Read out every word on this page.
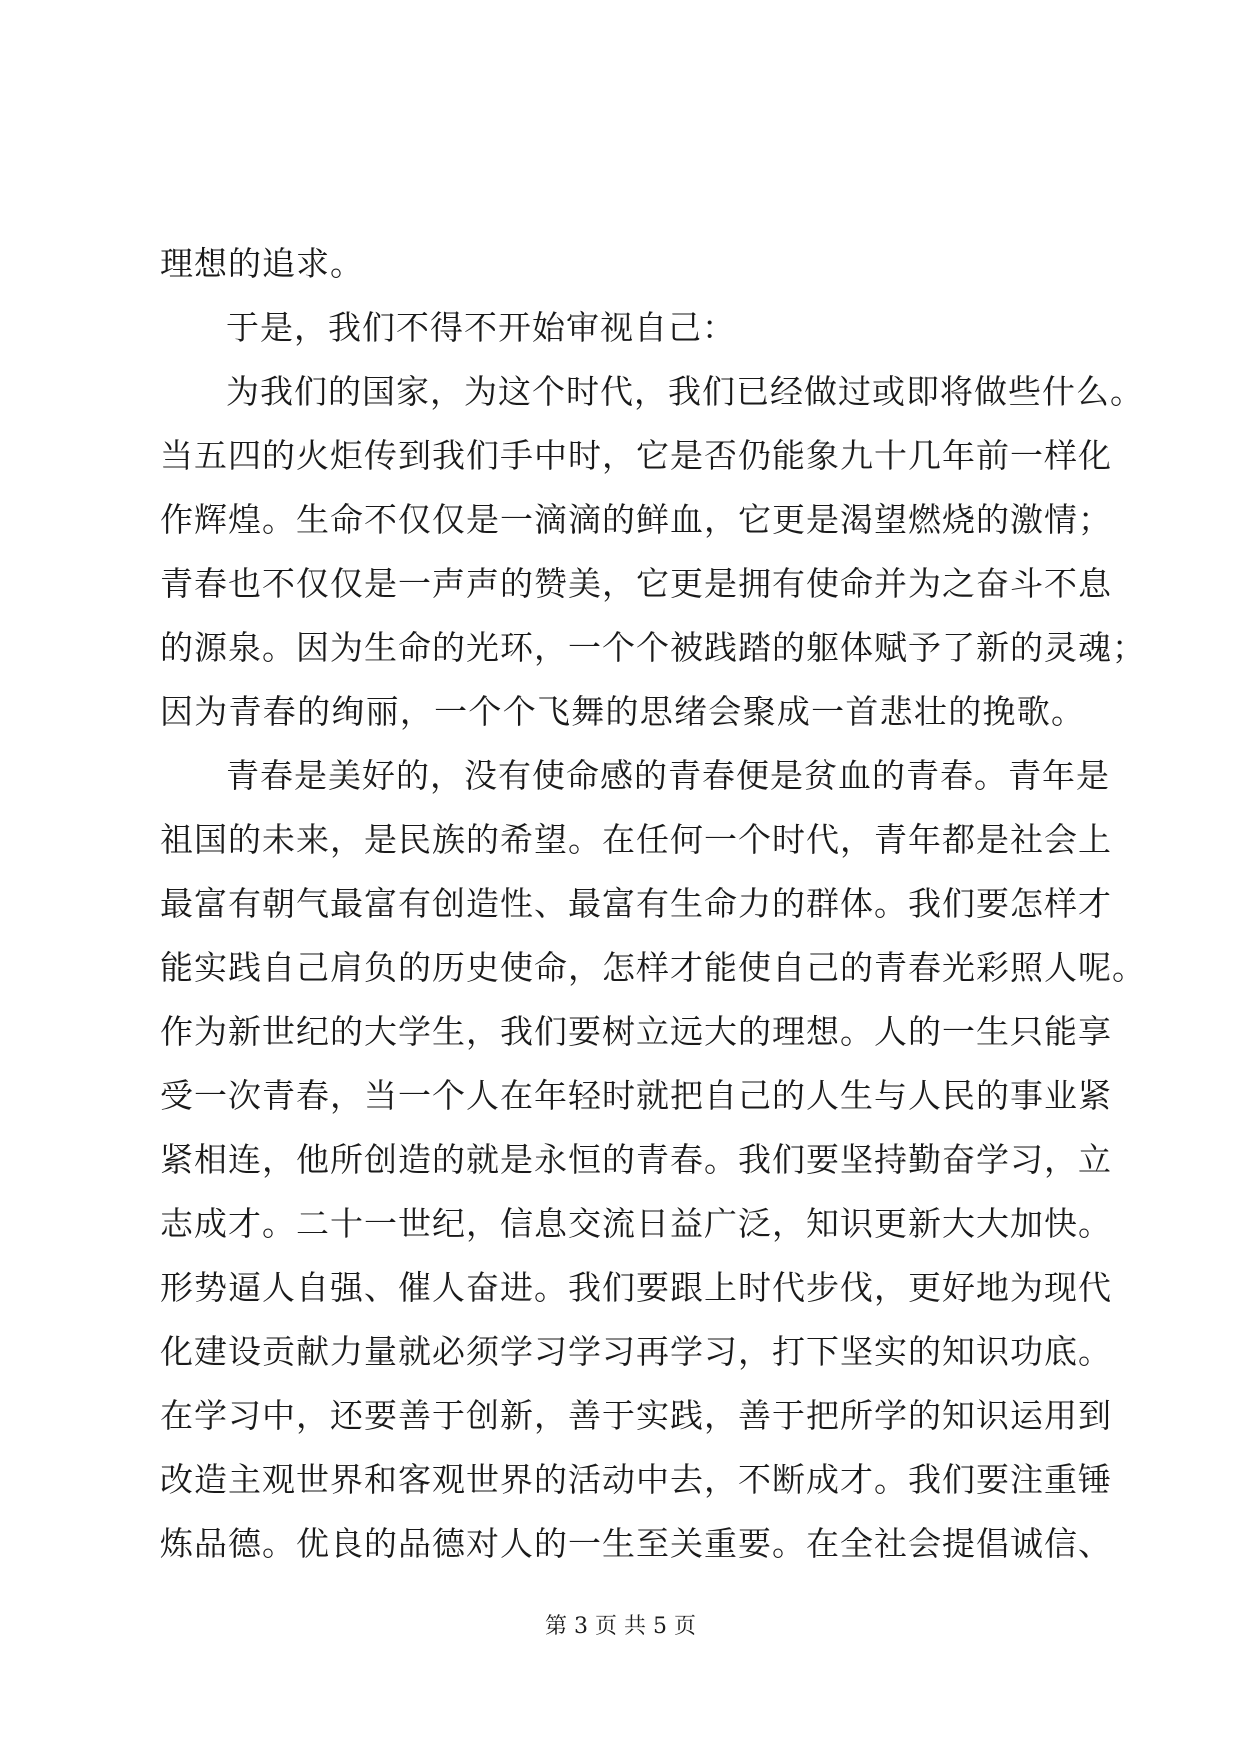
理想的追求。
于是，我们不得不开始审视自己：
为我们的国家，为这个时代，我们已经做过或即将做些什么。
当五四的火炬传到我们手中时，它是否仍能象九十几年前一样化
作辉煌。生命不仅仅是一滴滴的鲜血，它更是渴望燃烧的激情；
青春也不仅仅是一声声的赞美，它更是拥有使命并为之奋斗不息
的源泉。因为生命的光环，一个个被践踏的躯体赋予了新的灵魂；
因为青春的绚丽，一个个飞舞的思绪会聚成一首悲壮的挽歌。
青春是美好的，没有使命感的青春便是贫血的青春。青年是
祖国的未来，是民族的希望。在任何一个时代，青年都是社会上
最富有朝气最富有创造性、最富有生命力的群体。我们要怎样才
能实践自己肩负的历史使命，怎样才能使自己的青春光彩照人呢。
作为新世纪的大学生，我们要树立远大的理想。人的一生只能享
受一次青春，当一个人在年轻时就把自己的人生与人民的事业紧
紧相连，他所创造的就是永恒的青春。我们要坚持勤奋学习，立
志成才。二十一世纪，信息交流日益广泛，知识更新大大加快。
形势逼人自强、催人奋进。我们要跟上时代步伐，更好地为现代
化建设贡献力量就必须学习学习再学习，打下坚实的知识功底。
在学习中，还要善于创新，善于实践，善于把所学的知识运用到
改造主观世界和客观世界的活动中去，不断成才。我们要注重锤
炼品德。优良的品德对人的一生至关重要。在全社会提倡诚信、
第 3 页 共 5 页
